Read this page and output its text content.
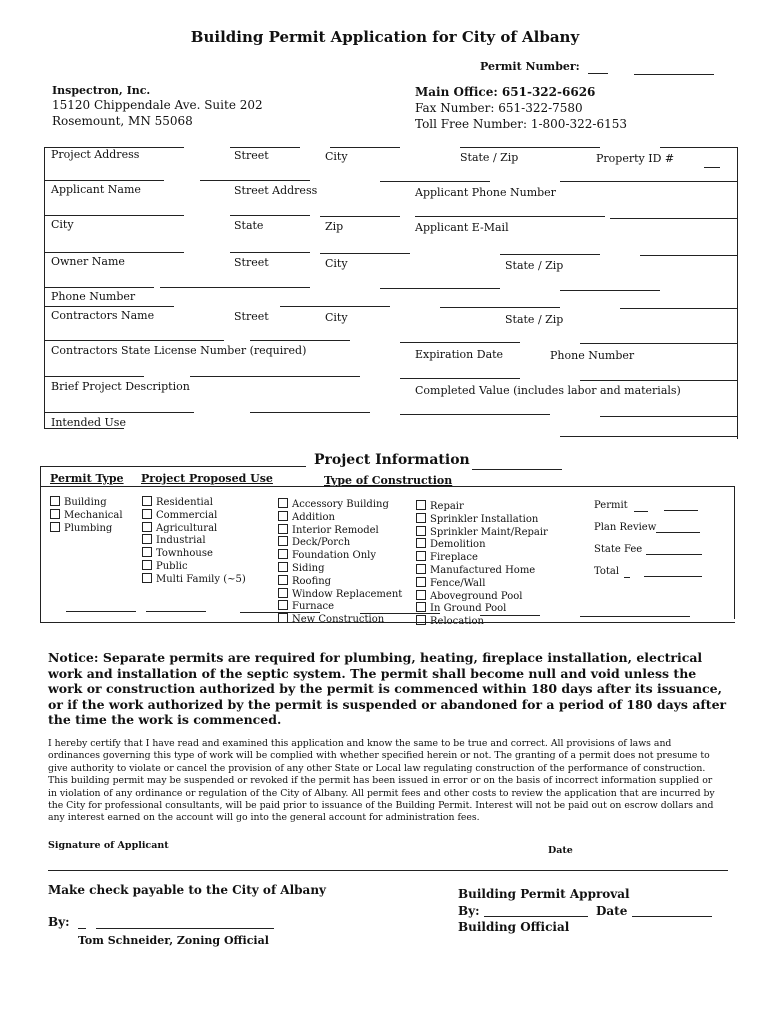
Building Permit Application for City of Albany
Permit Number:
Inspectron, Inc.
15120 Chippendale Ave. Suite 202
Rosemount, MN 55068
Main Office: 651-322-6626
Fax Number: 651-322-7580
Toll Free Number: 1-800-322-6153
Project Address	Street	City	State / Zip	Property ID #
Applicant Name	Street Address	Applicant Phone Number
City	State	Zip	Applicant E-Mail
Owner Name	Street	City	State / Zip
Phone Number
Contractors Name	Street	City	State / Zip
Contractors State License Number (required)	Expiration Date	Phone Number
Brief Project Description	Completed Value (includes labor and materials)
Intended Use
Project Information
Permit Type Project Proposed Use	Type of Construction
Building
Mechanical
Plumbing
Residential
Commercial
Agricultural
Industrial
Townhouse
Public
Multi Family (~5)
Accessory Building
Addition
Interior Remodel
Deck/Porch
Foundation Only
Siding
Roofing
Window Replacement
Furnace
New Construction
Repair
Sprinkler Installation
Sprinkler Maint/Repair
Demolition
Fireplace
Manufactured Home
Fence/Wall
Aboveground Pool
In Ground Pool
Relocation
Permit
Plan Review
State Fee
Total
Notice: Separate permits are required for plumbing, heating, fireplace installation, electrical work and installation of the septic system. The permit shall become null and void unless the work or construction authorized by the permit is commenced within 180 days after its issuance, or if the work authorized by the permit is suspended or abandoned for a period of 180 days after the time the work is commenced.
I hereby certify that I have read and examined this application and know the same to be true and correct. All provisions of laws and ordinances governing this type of work will be complied with whether specified herein or not. The granting of a permit does not presume to give authority to violate or cancel the provision of any other State or Local law regulating construction of the performance of construction. This building permit may be suspended or revoked if the permit has been issued in error or on the basis of incorrect information supplied or in violation of any ordinance or regulation of the City of Albany. All permit fees and other costs to review the application that are incurred by the City for professional consultants, will be paid prior to issuance of the Building Permit. Interest will not be paid out on escrow dollars and any interest earned on the account will go into the general account for administration fees.
Signature of Applicant	Date
Make check payable to the City of Albany
By:
Tom Schneider, Zoning Official
Building Permit Approval
By:	Date
Building Official
